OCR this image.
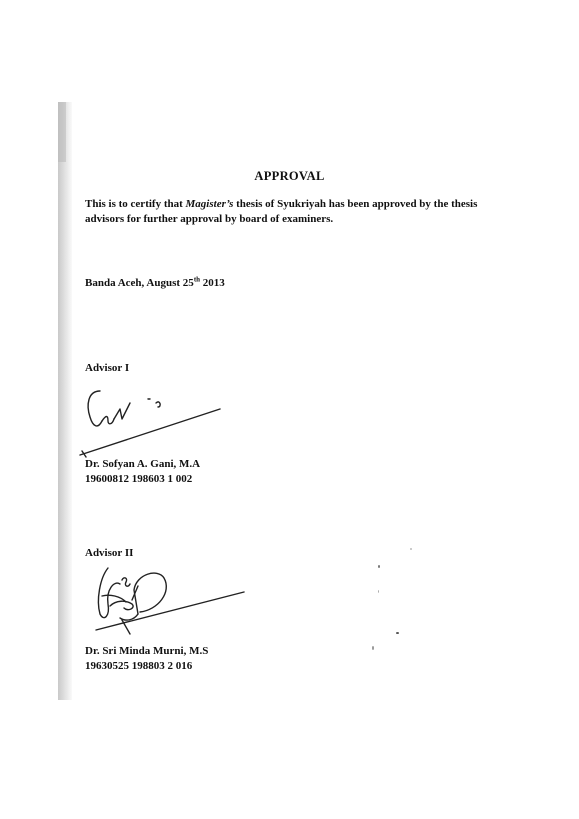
APPROVAL
This is to certify that Magister’s thesis of Syukriyah has been approved by the thesis advisors for further approval by board of examiners.
Banda Aceh, August 25th 2013
Advisor I
Dr. Sofyan A. Gani, M.A
19600812 198603 1 002
Advisor II
Dr. Sri Minda Murni, M.S
19630525 198803 2 016
